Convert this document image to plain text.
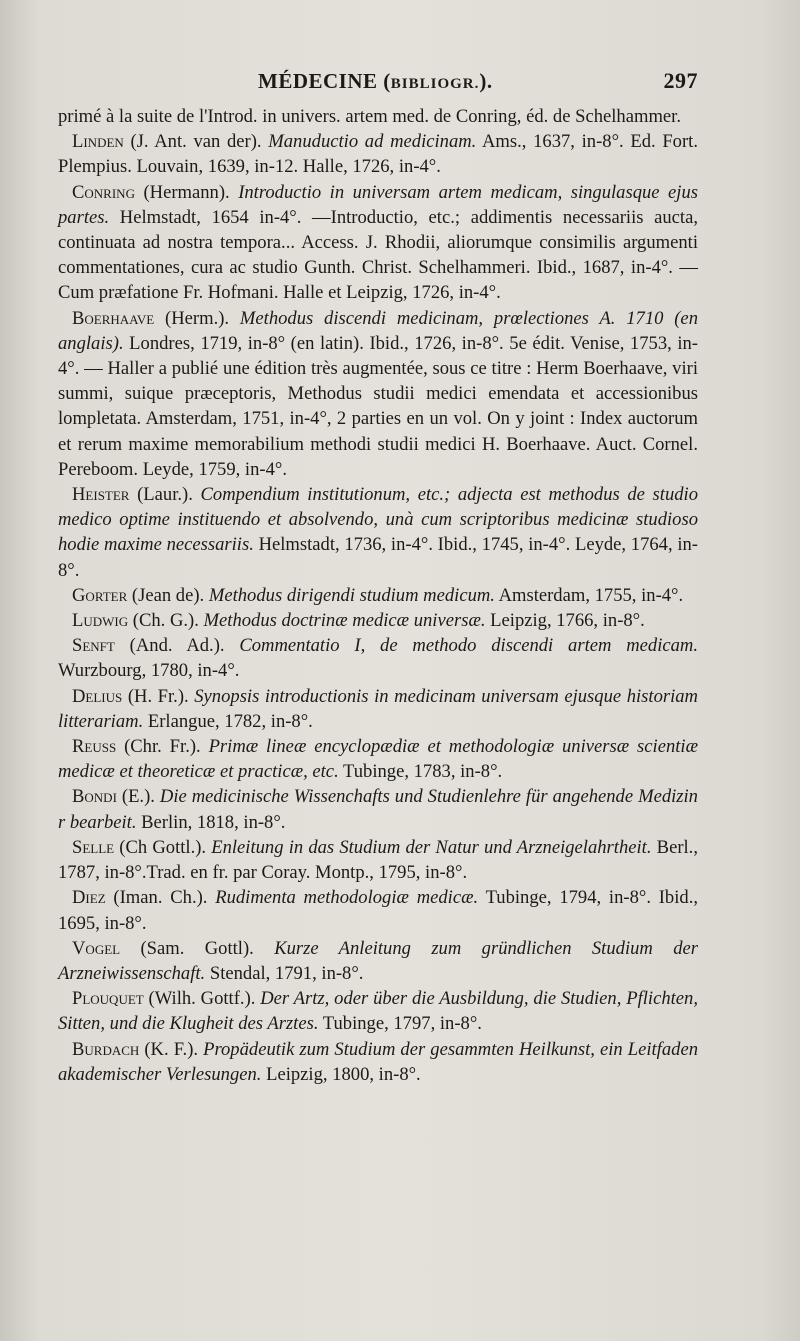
MÉDECINE (BIBLIOGR.).	297

primé à la suite de l'Introd. in univers. artem med. de Conring, éd. de Schelhammer.

Linden (J. Ant. van der). Manuductio ad medicinam. Ams., 1637, in-8°. Ed. Fort. Plempius. Louvain, 1639, in-12. Halle, 1726, in-4°.

Conring (Hermann). Introductio in universam artem medicam, singulasque ejus partes. Helmstadt, 1654 in-4°. —Introductio, etc.; addimentis necessariis aucta, continuata ad nostra tempora... Access. J. Rhodii, aliorumque consimilis argumenti commentationes, cura ac studio Gunth. Christ. Schelhammeri. Ibid., 1687, in-4°. — Cum præfatione Fr. Hofmani. Halle et Leipzig, 1726, in-4°.

Boerhaave (Herm.). Methodus discendi medicinam, prœlectiones A. 1710 (en anglais). Londres, 1719, in-8° (en latin). Ibid., 1726, in-8°. 5e édit. Venise, 1753, in-4°. — Haller a publié une édition très augmentée, sous ce titre : Herm Boerhaave, viri summi, suique præceptoris, Methodus studii medici emendata et accessionibus lompletata. Amsterdam, 1751, in-4°, 2 parties en un vol. On y joint : Index auctorum et rerum maxime memorabilium methodi studii medici H. Boerhaave. Auct. Cornel. Pereboom. Leyde, 1759, in-4°.

Heister (Laur.). Compendium institutionum, etc.; adjecta est methodus de studio medico optime instituendo et absolvendo, unà cum scriptoribus medicinæ studioso hodie maxime necessariis. Helmstadt, 1736, in-4°. Ibid., 1745, in-4°. Leyde, 1764, in-8°.

Gorter (Jean de). Methodus dirigendi studium medicum. Amsterdam, 1755, in-4°.

Ludwig (Ch. G.). Methodus doctrinæ medicæ universæ. Leipzig, 1766, in-8°.

Senft (And. Ad.). Commentatio I, de methodo discendi artem medicam. Wurzbourg, 1780, in-4°.

Delius (H. Fr.). Synopsis introductionis in medicinam universam ejusque historiam litterariam. Erlangue, 1782, in-8°.

Reuss (Chr. Fr.). Primæ lineæ encyclopædiæ et methodologiæ universæ scientiæ medicæ et theoreticæ et practicæ, etc. Tubinge, 1783, in-8°.

Bondi (E.). Die medicinische Wissenchafts und Studienlehre für angehende Medizin r bearbeit. Berlin, 1818, in-8°.

Selle (Ch Gottl.). Enleitung in das Studium der Natur und Arzneigelahrtheit. Berl., 1787, in-8°.Trad. en fr. par Coray. Montp., 1795, in-8°.

Diez (Iman. Ch.). Rudimenta methodologiæ medicæ. Tubinge, 1794, in-8°. Ibid., 1695, in-8°.

Vogel (Sam. Gottl). Kurze Anleitung zum gründlichen Studium der Arzneiwissenschaft. Stendal, 1791, in-8°.

Plouquet (Wilh. Gottf.). Der Artz, oder über die Ausbildung, die Studien, Pflichten, Sitten, und die Klugheit des Arztes. Tubinge, 1797, in-8°.

Burdach (K. F.). Propädeutik zum Studium der gesammten Heilkunst, ein Leitfaden akademischer Verlesungen. Leipzig, 1800, in-8°.
